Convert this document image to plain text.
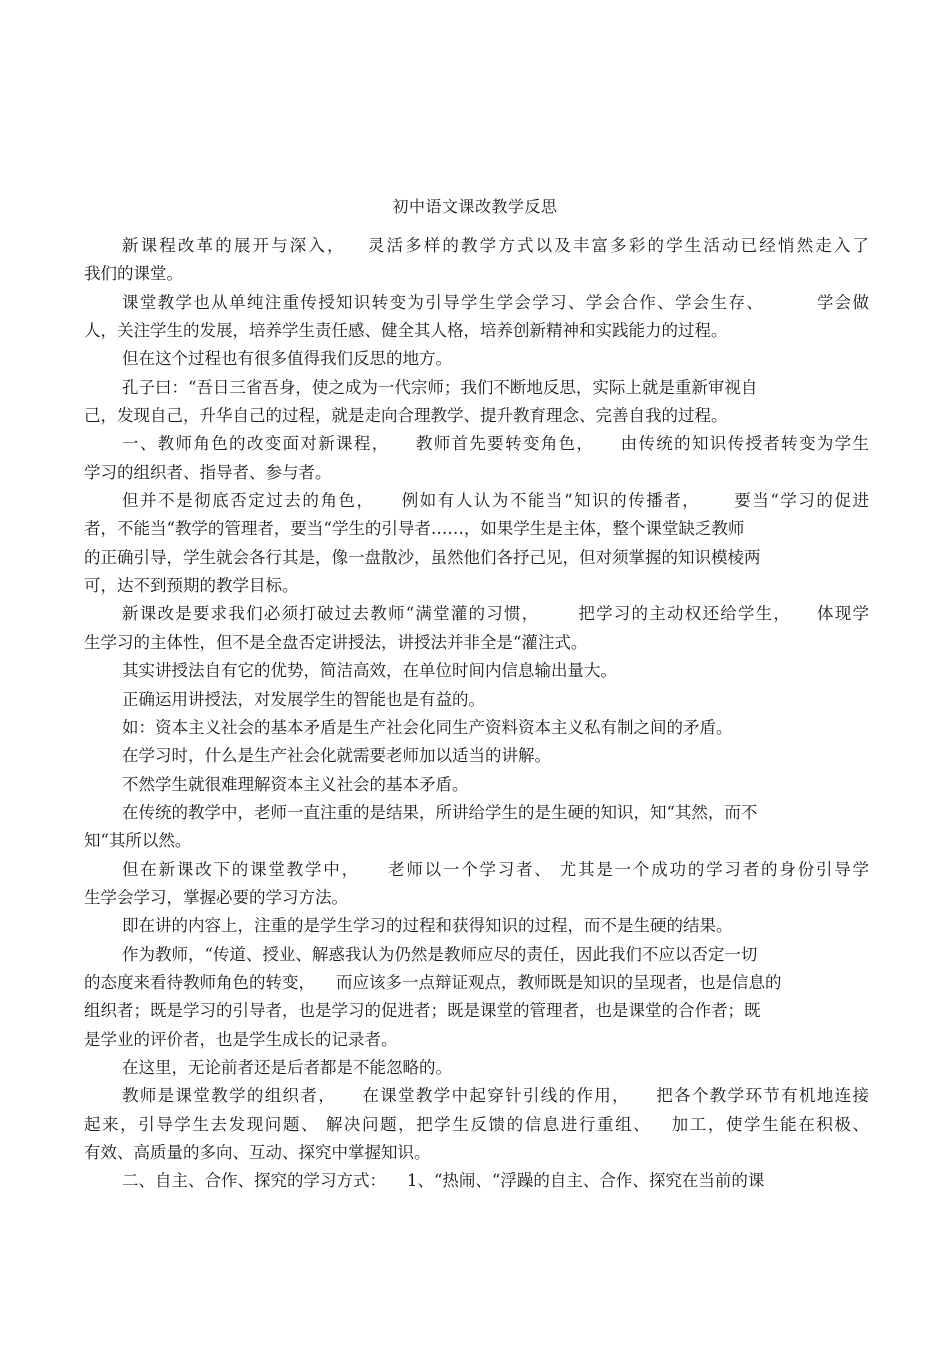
初中语文课改教学反思
新课程改革的展开与深入，   灵活多样的教学方式以及丰富多彩的学生活动已经悄然走入了
我们的课堂。
课堂教学也从单纯注重传授知识转变为引导学生学会学习、学会合作、学会生存、        学会做
人，关注学生的发展，培养学生责任感、健全其人格，培养创新精神和实践能力的过程。
但在这个过程也有很多值得我们反思的地方。
孔子曰：“吾日三省吾身，使之成为一代宗师；我们不断地反思，实际上就是重新审视自
己，发现自己，升华自己的过程，就是走向合理教学、提升教育理念、完善自我的过程。
一、教师角色的改变面对新课程，    教师首先要转变角色，    由传统的知识传授者转变为学生
学习的组织者、指导者、参与者。
但并不是彻底否定过去的角色，    例如有人认为不能当“知识的传播者，     要当“学习的促进
者，不能当“教学的管理者，要当“学生的引导者……，如果学生是主体，整个课堂缺乏教师
的正确引导，学生就会各行其是，像一盘散沙，虽然他们各抒己见，但对须掌握的知识模棱两
可，达不到预期的教学目标。
新课改是要求我们必须打破过去教师“满堂灌的习惯，      把学习的主动权还给学生，    体现学
生学习的主体性，但不是全盘否定讲授法，讲授法并非全是“灌注式。
其实讲授法自有它的优势，简洁高效，在单位时间内信息输出量大。
正确运用讲授法，对发展学生的智能也是有益的。
如：资本主义社会的基本矛盾是生产社会化同生产资料资本主义私有制之间的矛盾。
在学习时，什么是生产社会化就需要老师加以适当的讲解。
不然学生就很难理解资本主义社会的基本矛盾。
在传统的教学中，老师一直注重的是结果，所讲给学生的是生硬的知识，知“其然，而不
知“其所以然。
但在新课改下的课堂教学中，    老师以一个学习者、 尤其是一个成功的学习者的身份引导学
生学会学习，掌握必要的学习方法。
即在讲的内容上，注重的是学生学习的过程和获得知识的过程，而不是生硬的结果。
作为教师，“传道、授业、解惑我认为仍然是教师应尽的责任，因此我们不应以否定一切
的态度来看待教师角色的转变，    而应该多一点辩证观点，教师既是知识的呈现者，也是信息的
组织者；既是学习的引导者，也是学习的促进者；既是课堂的管理者，也是课堂的合作者；既
是学业的评价者，也是学生成长的记录者。
在这里，无论前者还是后者都是不能忽略的。
教师是课堂教学的组织者，    在课堂教学中起穿针引线的作用，    把各个教学环节有机地连接
起来，引导学生去发现问题、 解决问题，把学生反馈的信息进行重组、   加工，使学生能在积极、
有效、高质量的多向、互动、探究中掌握知识。
二、自主、合作、探究的学习方式：    1、“热闹、“浮躁的自主、合作、探究在当前的课
